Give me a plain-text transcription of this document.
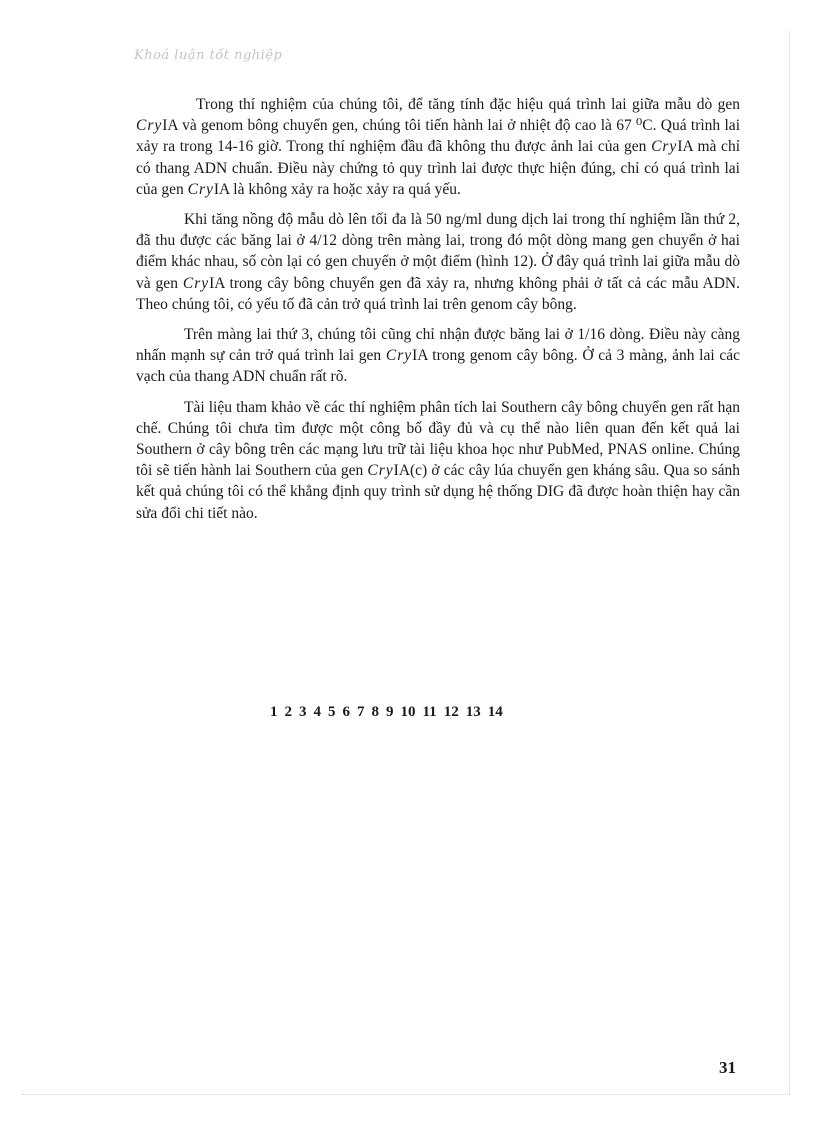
Khoá luận tốt nghiệp

Trong thí nghiệm của chúng tôi, để tăng tính đặc hiệu quá trình lai giữa mẫu dò gen CryIA và genom bông chuyển gen, chúng tôi tiến hành lai ở nhiệt độ cao là 67 ⁰C. Quá trình lai xảy ra trong 14-16 giờ. Trong thí nghiệm đầu đã không thu được ảnh lai của gen CryIA mà chỉ có thang ADN chuẩn. Điều này chứng tỏ quy trình lai được thực hiện đúng, chỉ có quá trình lai của gen CryIA là không xảy ra hoặc xảy ra quá yếu.

Khi tăng nồng độ mẫu dò lên tối đa là 50 ng/ml dung dịch lai trong thí nghiệm lần thứ 2, đã thu được các băng lai ở 4/12 dòng trên màng lai, trong đó một dòng mang gen chuyển ở hai điểm khác nhau, số còn lại có gen chuyển ở một điểm (hình 12). Ở đây quá trình lai giữa mẫu dò và gen CryIA trong cây bông chuyển gen đã xảy ra, nhưng không phải ở tất cả các mẫu ADN. Theo chúng tôi, có yếu tố đã cản trở quá trình lai trên genom cây bông.

Trên màng lai thứ 3, chúng tôi cũng chỉ nhận được băng lai ở 1/16 dòng. Điều này càng nhấn mạnh sự cản trở quá trình lai gen CryIA trong genom cây bông. Ở cả 3 màng, ảnh lai các vạch của thang ADN chuẩn rất rõ.

Tài liệu tham khảo về các thí nghiệm phân tích lai Southern cây bông chuyển gen rất hạn chế. Chúng tôi chưa tìm được một công bố đầy đủ và cụ thể nào liên quan đến kết quả lai Southern ở cây bông trên các mạng lưu trữ tài liệu khoa học như PubMed, PNAS online. Chúng tôi sẽ tiến hành lai Southern của gen CryIA(c) ở các cây lúa chuyển gen kháng sâu. Qua so sánh kết quả chúng tôi có thể khẳng định quy trình sử dụng hệ thống DIG đã được hoàn thiện hay cần sửa đổi chi tiết nào.

1 2 3 4 5 6 7 8 9 10 11 12 13 14
31
